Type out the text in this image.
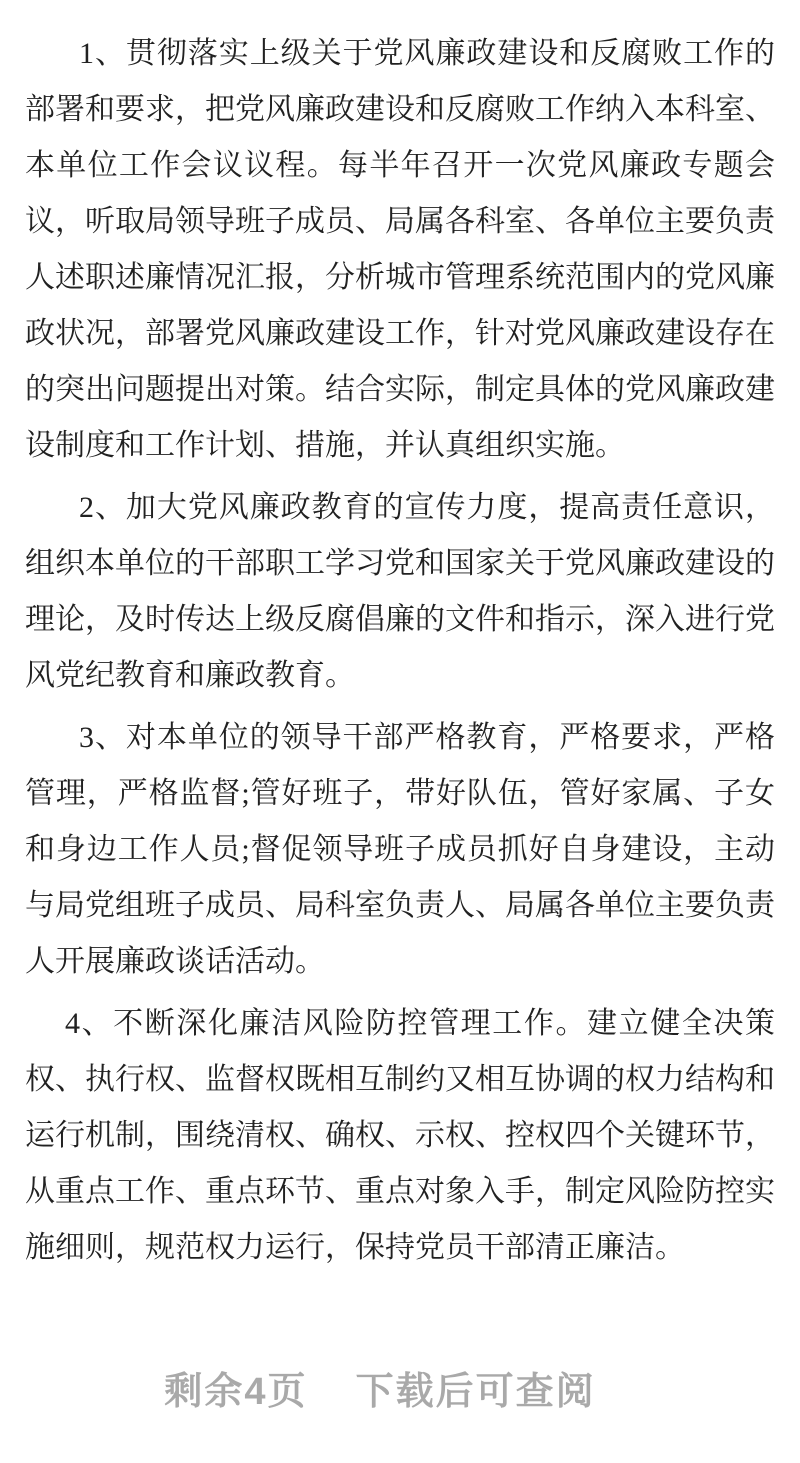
1、贯彻落实上级关于党风廉政建设和反腐败工作的部署和要求，把党风廉政建设和反腐败工作纳入本科室、本单位工作会议议程。每半年召开一次党风廉政专题会议，听取局领导班子成员、局属各科室、各单位主要负责人述职述廉情况汇报，分析城市管理系统范围内的党风廉政状况，部署党风廉政建设工作，针对党风廉政建设存在的突出问题提出对策。结合实际，制定具体的党风廉政建设制度和工作计划、措施，并认真组织实施。

2、加大党风廉政教育的宣传力度，提高责任意识，组织本单位的干部职工学习党和国家关于党风廉政建设的理论，及时传达上级反腐倡廉的文件和指示，深入进行党风党纪教育和廉政教育。

3、对本单位的领导干部严格教育，严格要求，严格管理，严格监督;管好班子，带好队伍，管好家属、子女和身边工作人员;督促领导班子成员抓好自身建设，主动与局党组班子成员、局科室负责人、局属各单位主要负责人开展廉政谈话活动。

4、不断深化廉洁风险防控管理工作。建立健全决策权、执行权、监督权既相互制约又相互协调的权力结构和运行机制，围绕清权、确权、示权、控权四个关键环节，从重点工作、重点环节、重点对象入手，制定风险防控实施细则，规范权力运行，保持党员干部清正廉洁。

剩余4页 下载后可查阅
